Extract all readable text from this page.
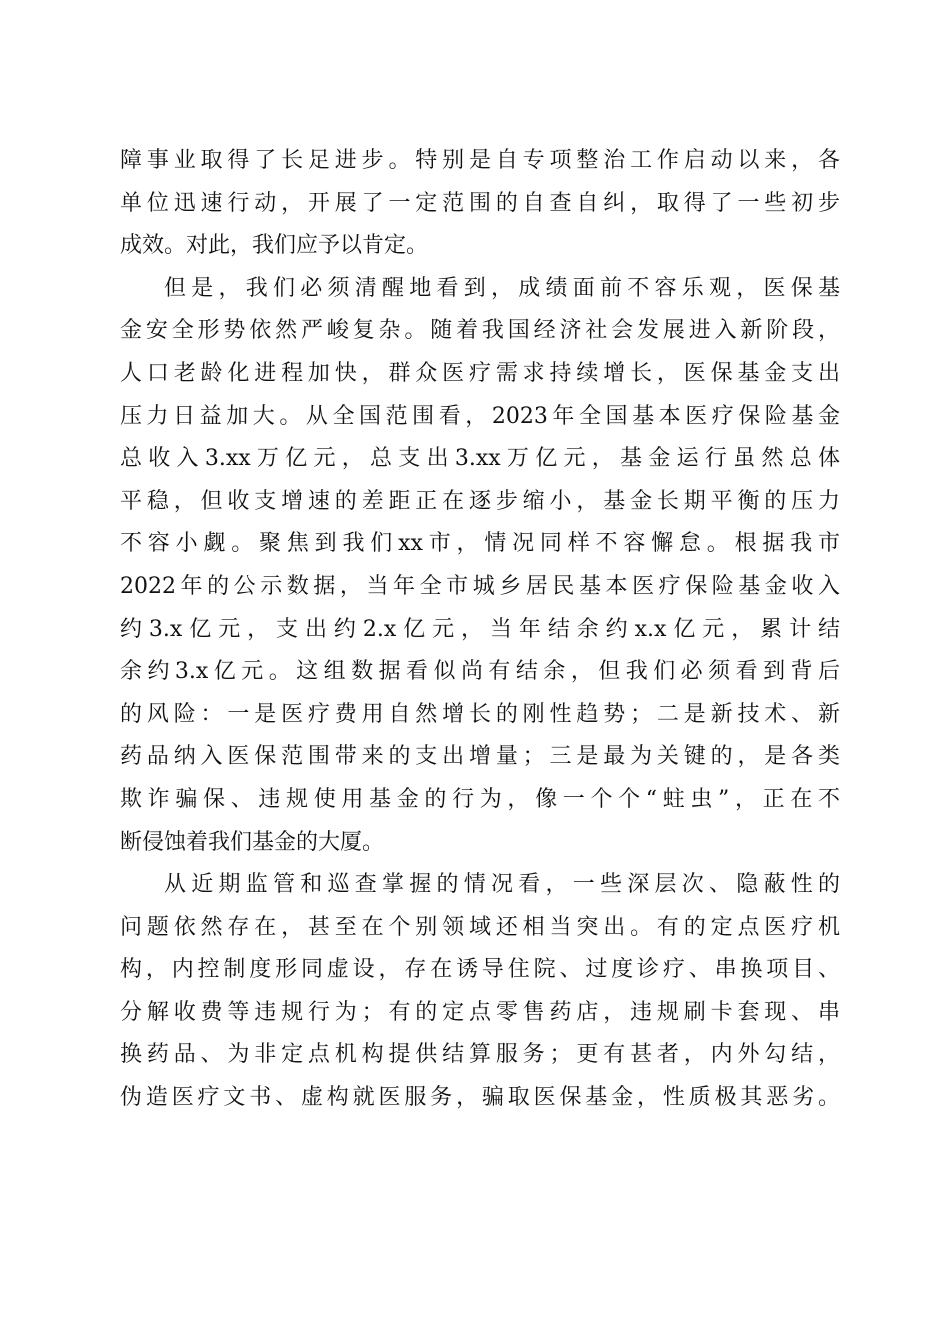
障事业取得了长足进步。特别是自专项整治工作启动以来，各
单位迅速行动，开展了一定范围的自查自纠，取得了一些初步
成效。对此，我们应予以肯定。
但是，我们必须清醒地看到，成绩面前不容乐观，医保基
金安全形势依然严峻复杂。随着我国经济社会发展进入新阶段，
人口老龄化进程加快，群众医疗需求持续增长，医保基金支出
压力日益加大。从全国范围看，2023年全国基本医疗保险基金
总收入3.xx万亿元，总支出3.xx万亿元，基金运行虽然总体
平稳，但收支增速的差距正在逐步缩小，基金长期平衡的压力
不容小觑。聚焦到我们xx市，情况同样不容懈怠。根据我市
2022年的公示数据，当年全市城乡居民基本医疗保险基金收入
约3.x亿元，支出约2.x亿元，当年结余约x.x亿元，累计结
余约3.x亿元。这组数据看似尚有结余，但我们必须看到背后
的风险：一是医疗费用自然增长的刚性趋势；二是新技术、新
药品纳入医保范围带来的支出增量；三是最为关键的，是各类
欺诈骗保、违规使用基金的行为，像一个个“蛀虫”，正在不
断侵蚀着我们基金的大厦。
从近期监管和巡查掌握的情况看，一些深层次、隐蔽性的
问题依然存在，甚至在个别领域还相当突出。有的定点医疗机
构，内控制度形同虚设，存在诱导住院、过度诊疗、串换项目、
分解收费等违规行为；有的定点零售药店，违规刷卡套现、串
换药品、为非定点机构提供结算服务；更有甚者，内外勾结，
伪造医疗文书、虚构就医服务，骗取医保基金，性质极其恶劣。
